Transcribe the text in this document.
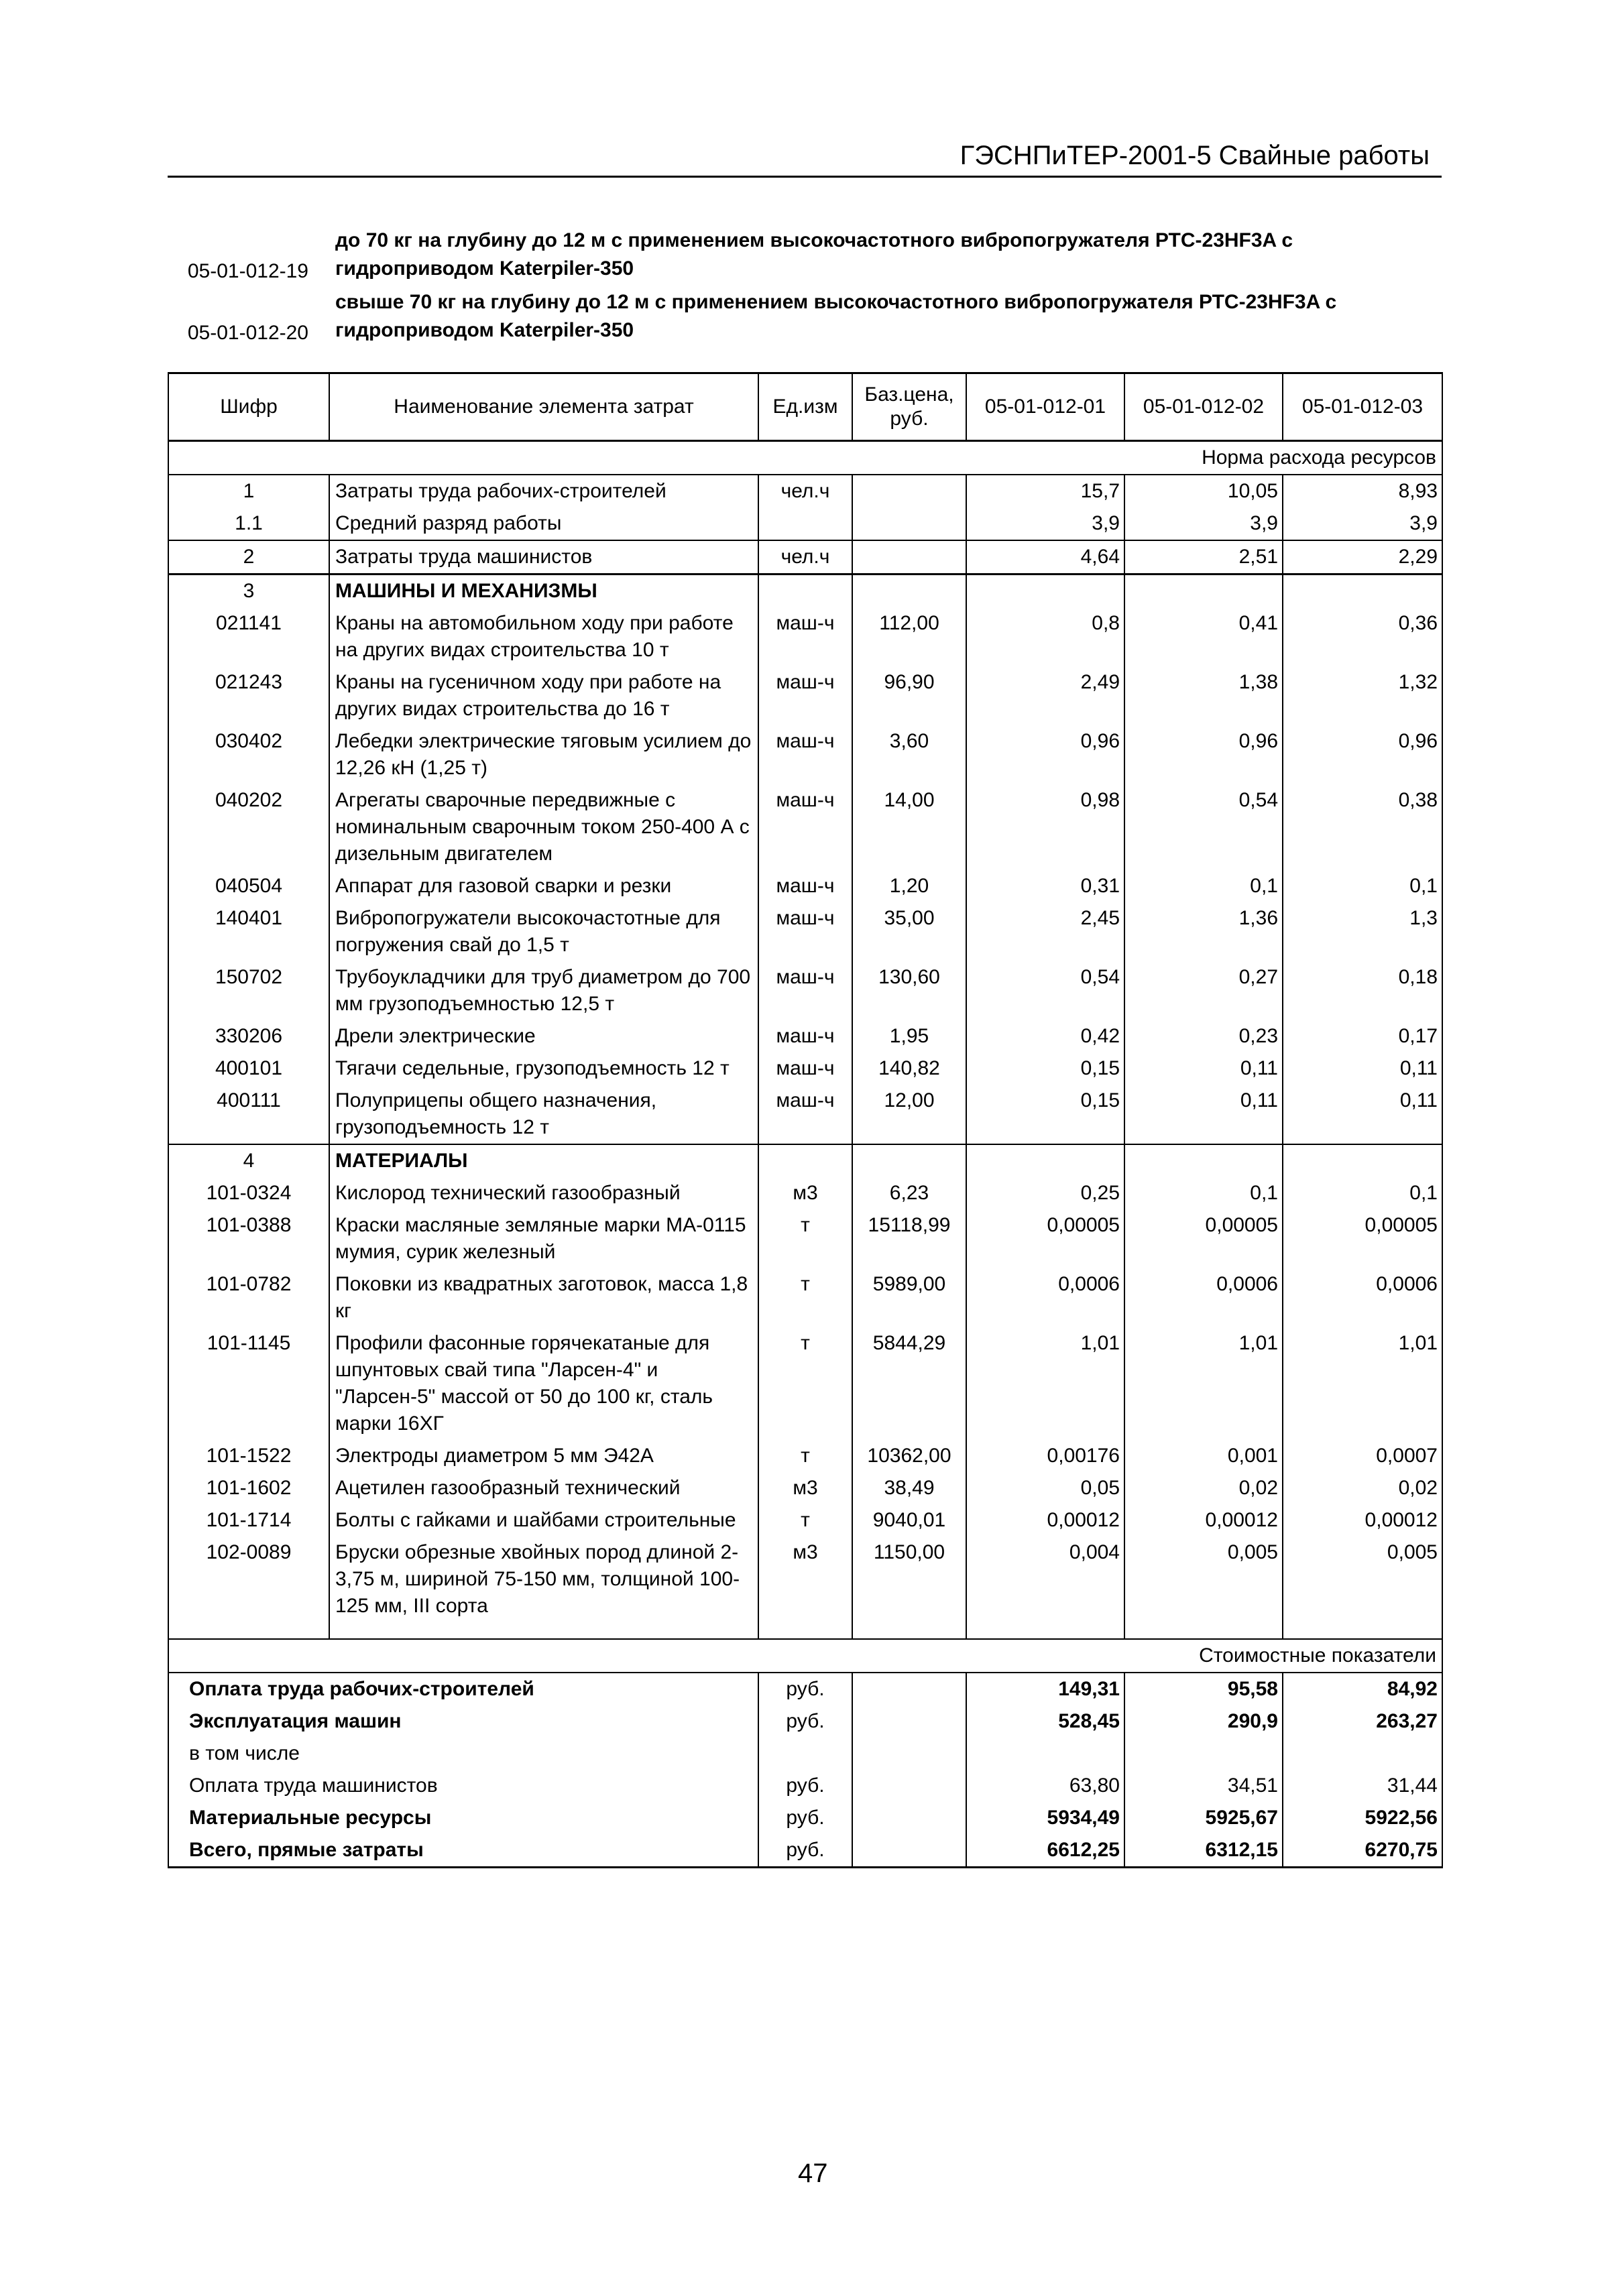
ГЭСНПиТЕР-2001-5 Свайные работы
05-01-012-19
до 70 кг на глубину до 12 м с применением высокочастотного вибропогружателя РТС-23HF3A с гидроприводом Katerpiler-350
05-01-012-20
свыше 70 кг на глубину до 12 м с применением высокочастотного вибропогружателя РТС-23HF3A с гидроприводом Katerpiler-350
Шифр	Наименование элемента затрат	Ед.изм	Баз.цена, руб.	05-01-012-01	05-01-012-02	05-01-012-03
Норма расхода ресурсов						
1	Затраты труда рабочих-строителей	чел.ч		15,7	10,05	8,93
1.1	Средний разряд работы			3,9	3,9	3,9
2	Затраты труда машинистов	чел.ч		4,64	2,51	2,29
3	МАШИНЫ И МЕХАНИЗМЫ					
021141	Краны на автомобильном ходу при работе на других видах строительства 10 т	маш-ч	112,00	0,8	0,41	0,36
021243	Краны на гусеничном ходу при работе на других видах строительства до 16 т	маш-ч	96,90	2,49	1,38	1,32
030402	Лебедки электрические тяговым усилием до 12,26 кН (1,25 т)	маш-ч	3,60	0,96	0,96	0,96
040202	Агрегаты сварочные передвижные с номинальным сварочным током 250-400 А с дизельным двигателем	маш-ч	14,00	0,98	0,54	0,38
040504	Аппарат для газовой сварки и резки	маш-ч	1,20	0,31	0,1	0,1
140401	Вибропогружатели высокочастотные для погружения свай до 1,5 т	маш-ч	35,00	2,45	1,36	1,3
150702	Трубоукладчики для труб диаметром до 700 мм грузоподъемностью 12,5 т	маш-ч	130,60	0,54	0,27	0,18
330206	Дрели электрические	маш-ч	1,95	0,42	0,23	0,17
400101	Тягачи седельные, грузоподъемность 12 т	маш-ч	140,82	0,15	0,11	0,11
400111	Полуприцепы общего назначения, грузоподъемность 12 т	маш-ч	12,00	0,15	0,11	0,11
4	МАТЕРИАЛЫ					
101-0324	Кислород технический газообразный	м3	6,23	0,25	0,1	0,1
101-0388	Краски масляные земляные марки МА-0115 мумия, сурик железный	т	15118,99	0,00005	0,00005	0,00005
101-0782	Поковки из квадратных заготовок, масса 1,8 кг	т	5989,00	0,0006	0,0006	0,0006
101-1145	Профили фасонные горячекатаные для шпунтовых свай типа "Ларсен-4" и "Ларсен-5" массой от 50 до 100 кг, сталь марки 16ХГ	т	5844,29	1,01	1,01	1,01
101-1522	Электроды диаметром 5 мм Э42А	т	10362,00	0,00176	0,001	0,0007
101-1602	Ацетилен газообразный технический	м3	38,49	0,05	0,02	0,02
101-1714	Болты с гайками и шайбами строительные	т	9040,01	0,00012	0,00012	0,00012
102-0089	Бруски обрезные хвойных пород длиной 2-3,75 м, шириной 75-150 мм, толщиной 100-125 мм, III сорта	м3	1150,00	0,004	0,005	0,005

Стоимостные показатели						
Оплата труда рабочих-строителей		руб.		149,31	95,58	84,92
Эксплуатация машин		руб.		528,45	290,9	263,27
в том числе						
Оплата труда машинистов		руб.		63,80	34,51	31,44
Материальные ресурсы		руб.		5934,49	5925,67	5922,56
Всего, прямые затраты		руб.		6612,25	6312,15	6270,75
47
